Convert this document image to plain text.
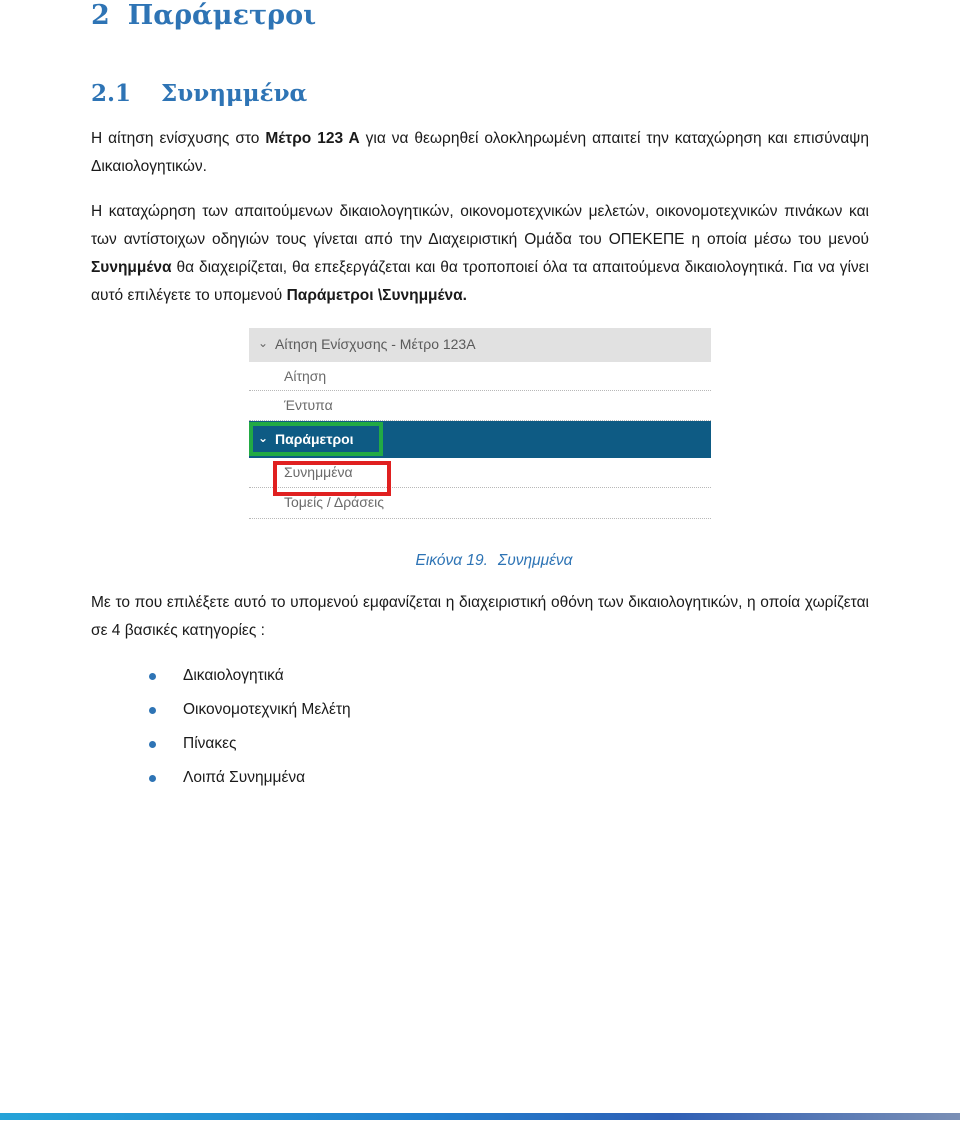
2 Παράμετροι
2.1 Συνημμένα
Η αίτηση ενίσχυσης στο Μέτρο 123 Α για να θεωρηθεί ολοκληρωμένη απαιτεί την καταχώρηση και επισύναψη Δικαιολογητικών.
Η καταχώρηση των απαιτούμενων δικαιολογητικών, οικονομοτεχνικών μελετών, οικονομοτεχνικών πινάκων και των αντίστοιχων οδηγιών τους γίνεται από την Διαχειριστική Ομάδα του ΟΠΕΚΕΠΕ η οποία μέσω του μενού Συνημμένα θα διαχειρίζεται, θα επεξεργάζεται και θα τροποποιεί όλα τα απαιτούμενα δικαιολογητικά. Για να γίνει αυτό επιλέγετε το υπομενού Παράμετροι \Συνημμένα.
⌄ Αίτηση Ενίσχυσης - Μέτρο 123Α
Αίτηση
Έντυπα
⌄ Παράμετροι
Συνημμένα
Τομείς / Δράσεις
Εικόνα 19. Συνημμένα
Με το που επιλέξετε αυτό το υπομενού εμφανίζεται η διαχειριστική οθόνη των δικαιολογητικών, η οποία χωρίζεται σε 4 βασικές κατηγορίες :
Δικαιολογητικά
Οικονομοτεχνική Μελέτη
Πίνακες
Λοιπά Συνημμένα
